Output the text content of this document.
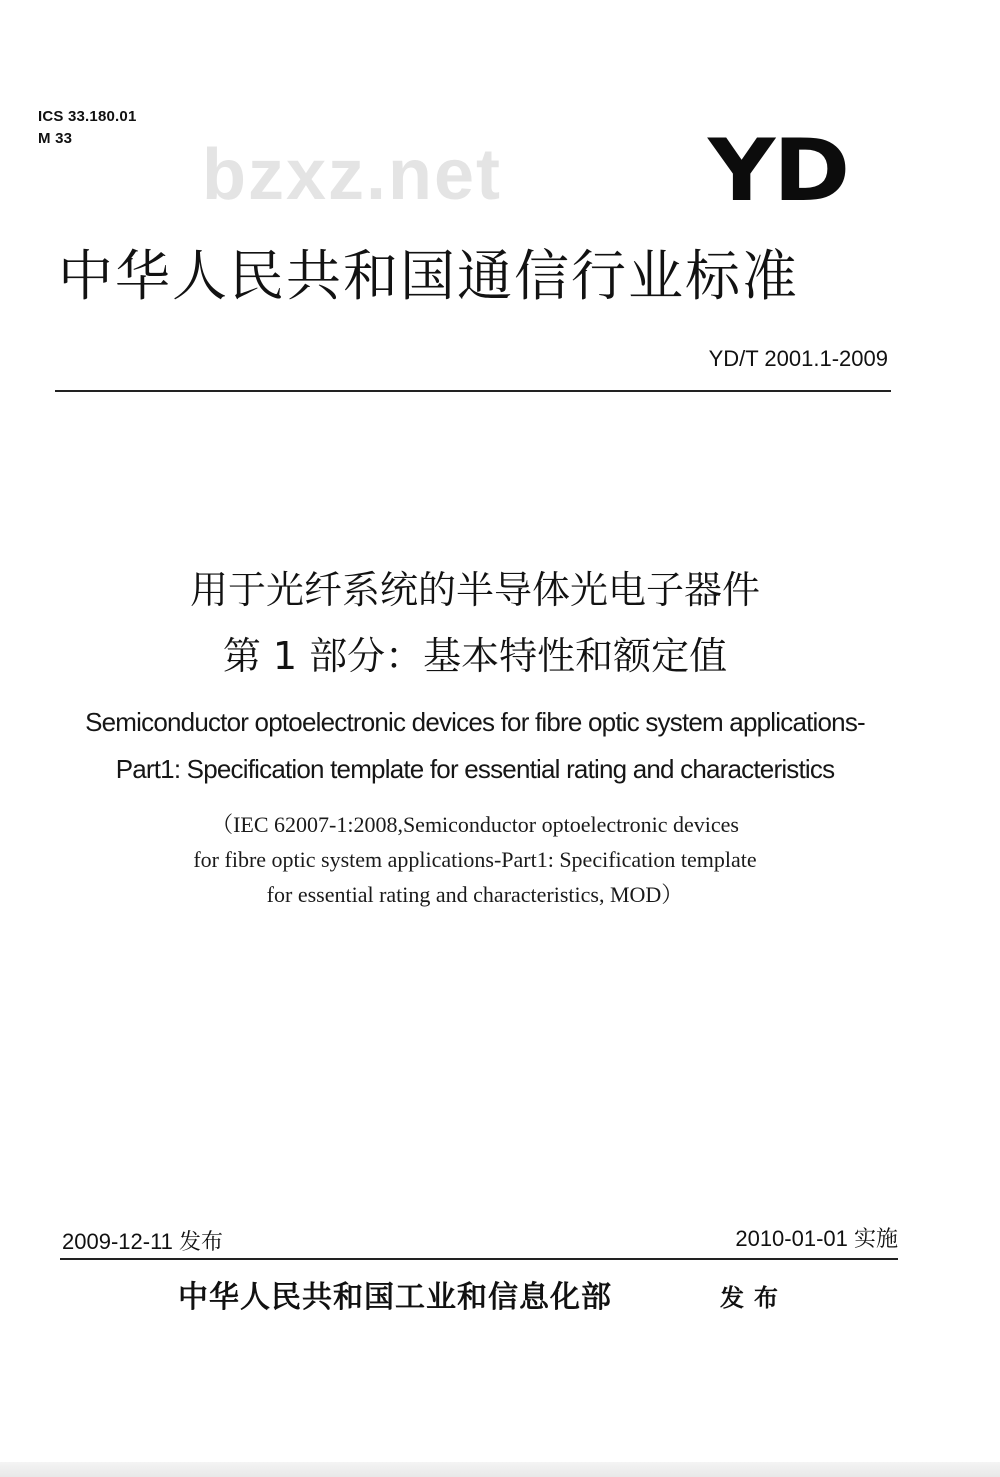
ICS 33.180.01
M 33	bzxz.net YD
中华人民共和国通信行业标准
YD/T 2001.1-2009
用于光纤系统的半导体光电子器件
第 1 部分：基本特性和额定值
Semiconductor optoelectronic devices for fibre optic system applications-
Part1: Specification template for essential rating and characteristics
（IEC 62007-1:2008,Semiconductor optoelectronic devices
for fibre optic system applications-Part1: Specification template
for essential rating and characteristics, MOD）
2009-12-11 发布	2010-01-01 实施
中华人民共和国工业和信息化部	发布
